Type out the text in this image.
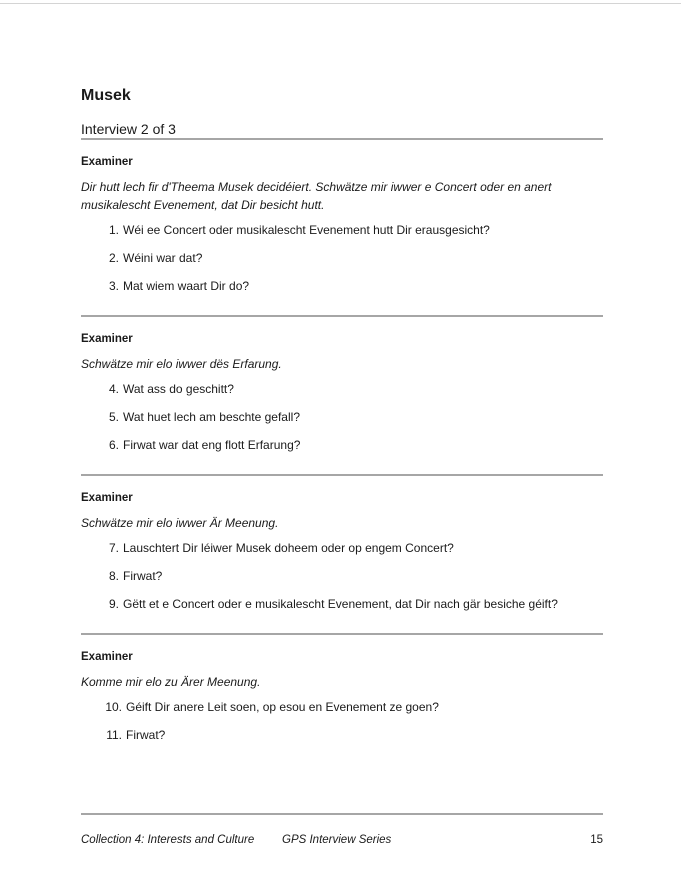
Musek
Interview 2 of 3
Examiner
Dir hutt lech fir d'Theema Musek decidéiert. Schwätze mir iwwer e Concert oder en anert musikalescht Evenement, dat Dir besicht hutt.
1. Wéi ee Concert oder musikalescht Evenement hutt Dir erausgesicht?
2. Wéini war dat?
3. Mat wiem waart Dir do?
Examiner
Schwätze mir elo iwwer dës Erfarung.
4. Wat ass do geschitt?
5. Wat huet lech am beschte gefall?
6. Firwat war dat eng flott Erfarung?
Examiner
Schwätze mir elo iwwer Är Meenung.
7. Lauschtert Dir léiwer Musek doheem oder op engem Concert?
8. Firwat?
9. Gëtt et e Concert oder e musikalescht Evenement, dat Dir nach gär besiche géift?
Examiner
Komme mir elo zu Ärer Meenung.
10. Géift Dir anere Leit soen, op esou en Evenement ze goen?
11. Firwat?
Collection 4: Interests and Culture GPS Interview Series	15
